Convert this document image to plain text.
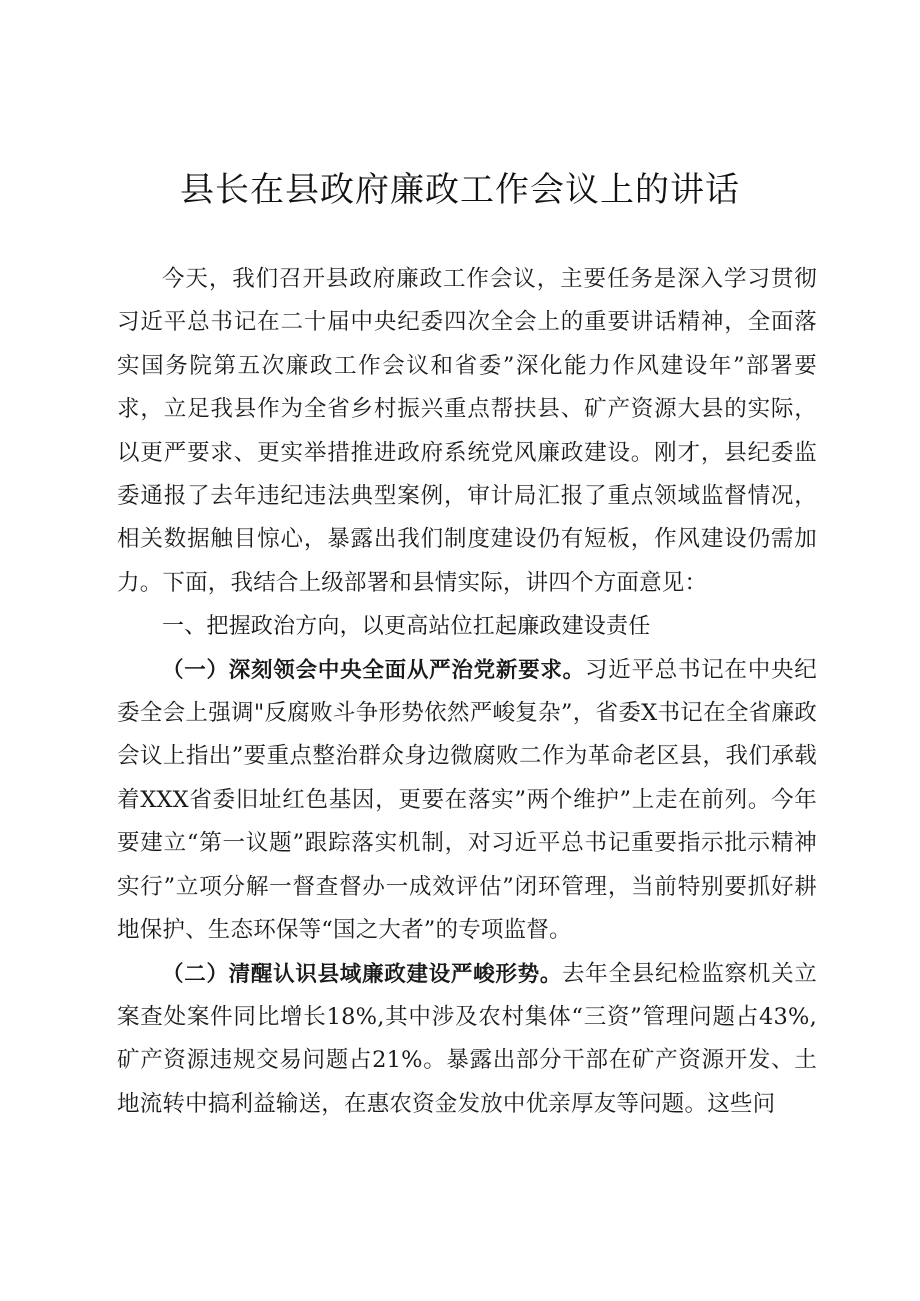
县长在县政府廉政工作会议上的讲话

今天，我们召开县政府廉政工作会议，主要任务是深入学习贯彻习近平总书记在二十届中央纪委四次全会上的重要讲话精神，全面落实国务院第五次廉政工作会议和省委”深化能力作风建设年”部署要求，立足我县作为全省乡村振兴重点帮扶县、矿产资源大县的实际，以更严要求、更实举措推进政府系统党风廉政建设。刚才，县纪委监委通报了去年违纪违法典型案例，审计局汇报了重点领域监督情况，相关数据触目惊心，暴露出我们制度建设仍有短板，作风建设仍需加力。下面，我结合上级部署和县情实际，讲四个方面意见：

一、把握政治方向，以更高站位扛起廉政建设责任

（一）深刻领会中央全面从严治党新要求。习近平总书记在中央纪委全会上强调"反腐败斗争形势依然严峻复杂”，省委X书记在全省廉政会议上指出”要重点整治群众身边微腐败二作为革命老区县，我们承载着XXX省委旧址红色基因，更要在落实”两个维护”上走在前列。今年要建立“第一议题”跟踪落实机制，对习近平总书记重要指示批示精神实行”立项分解一督查督办一成效评估”闭环管理，当前特别要抓好耕地保护、生态环保等“国之大者”的专项监督。

（二）清醒认识县域廉政建设严峻形势。去年全县纪检监察机关立案查处案件同比增长18%,其中涉及农村集体“三资”管理问题占43%,矿产资源违规交易问题占21%。暴露出部分干部在矿产资源开发、土地流转中搞利益输送，在惠农资金发放中优亲厚友等问题。这些问
